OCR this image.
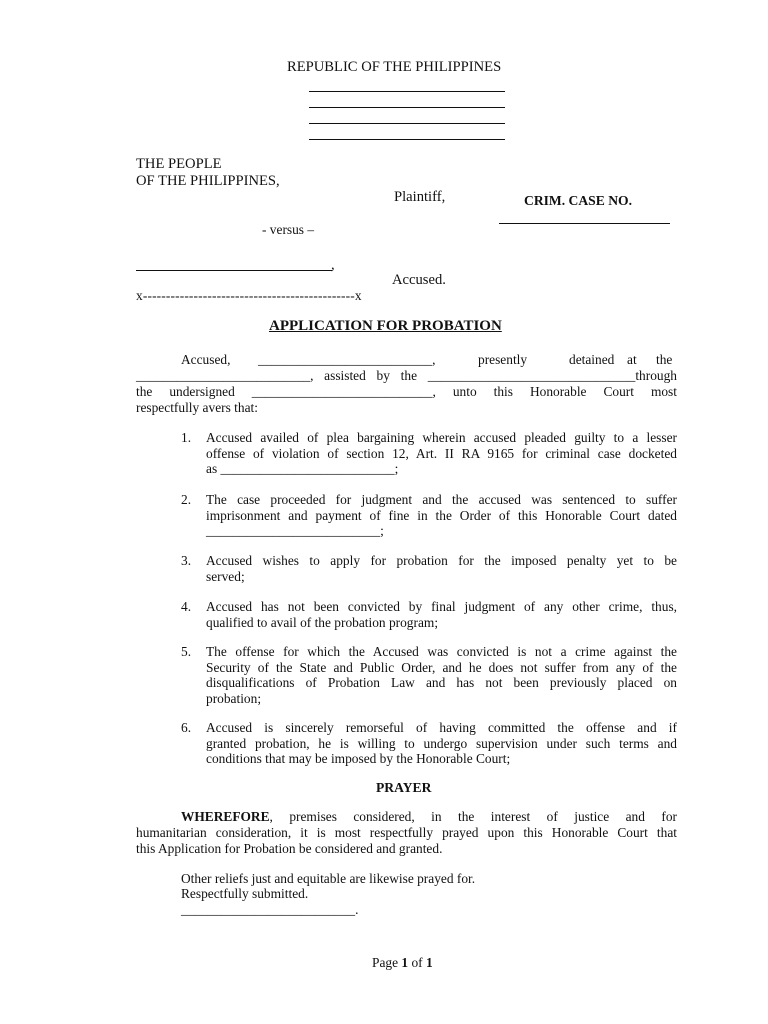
REPUBLIC OF THE PHILIPPINES
THE PEOPLE
OF THE PHILIPPINES,
Plaintiff,	CRIM. CASE NO.
- versus –
,
Accused.
x----------------------------------------------x
APPLICATION FOR PROBATION
Accused, __________________________,	presently	detained at the
__________________________, assisted by the _______________________________through
the undersigned ___________________________, unto this Honorable Court most
respectfully avers that:
1. Accused availed of plea bargaining wherein accused pleaded guilty to a lesser
offense of violation of section 12, Art. II RA 9165 for criminal case docketed
as __________________________;
2. The case proceeded for judgment and the accused was sentenced to suffer
imprisonment and payment of fine in the Order of this Honorable Court dated
__________________________;
3. Accused wishes to apply for probation for the imposed penalty yet to be
served;
4. Accused has not been convicted by final judgment of any other crime, thus,
qualified to avail of the probation program;
5. The offense for which the Accused was convicted is not a crime against the
Security of the State and Public Order, and he does not suffer from any of the
disqualifications of Probation Law and has not been previously placed on
probation;
6. Accused is sincerely remorseful of having committed the offense and if
granted probation, he is willing to undergo supervision under such terms and
conditions that may be imposed by the Honorable Court;
PRAYER
WHEREFORE, premises considered, in the interest of justice and for
humanitarian consideration, it is most respectfully prayed upon this Honorable Court that
this Application for Probation be considered and granted.
Other reliefs just and equitable are likewise prayed for.
Respectfully submitted.
__________________________.
Page 1 of 1
